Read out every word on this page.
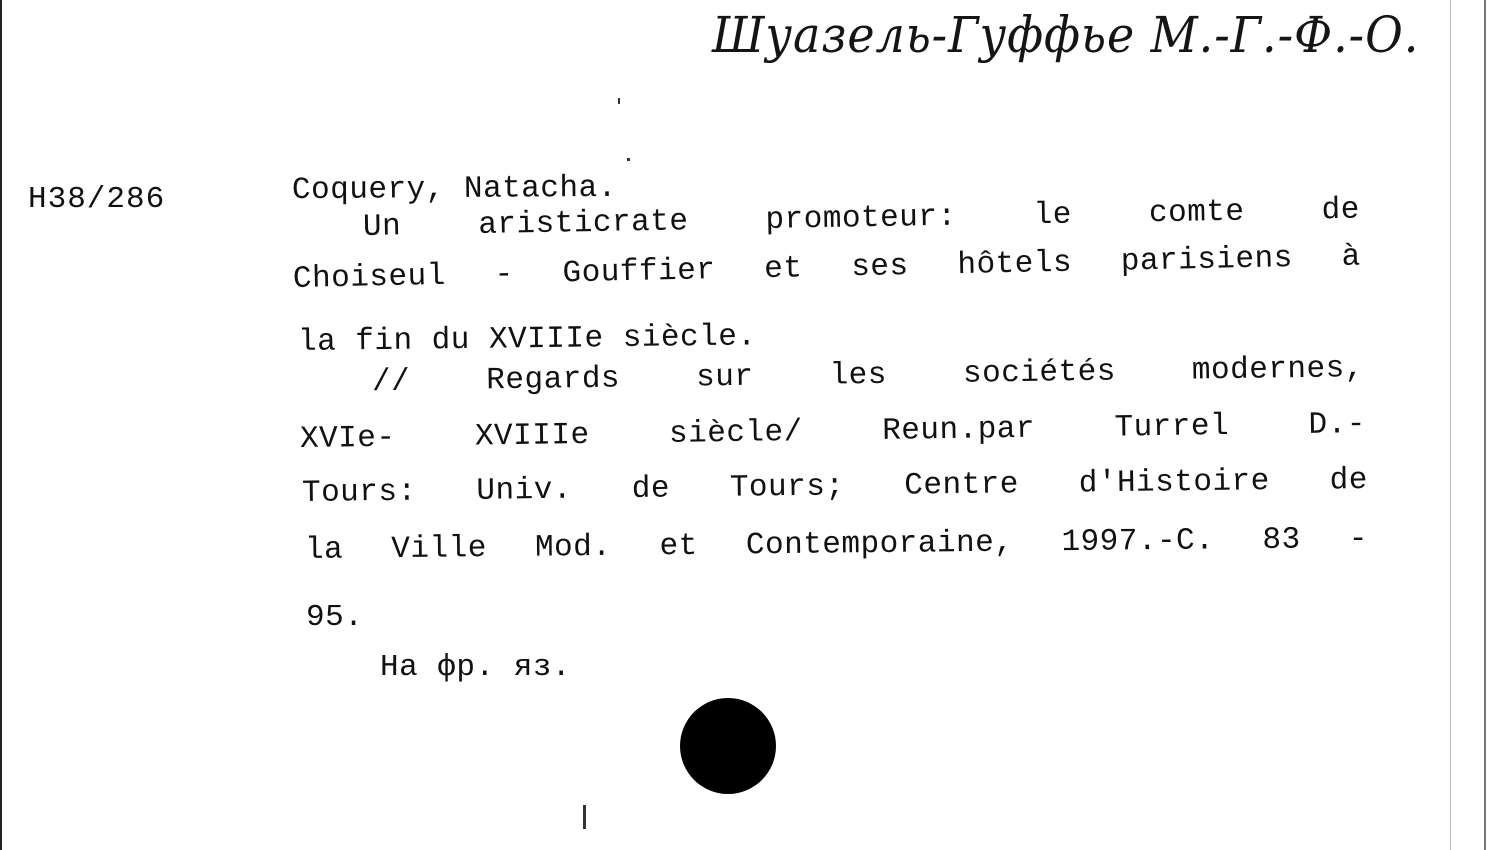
Шуазель-Гуффье М.-Г.-Ф.-О.
H38/286	Coquery, Natacha.
Un aristicrate promoteur: le comte de
Choiseul - Gouffier et ses hôtels parisiens à
la fin du XVIIIe siècle.
// Regards sur les sociétés modernes,
XVIe-	XVIIIe	siècle/	Reun.par	Turrel	D.-
Tours: Univ. de Tours; Centre d'Histoire de
la Ville Mod. et Contemporaine, 1997.-C. 83 -
95.
На фр. яз.
